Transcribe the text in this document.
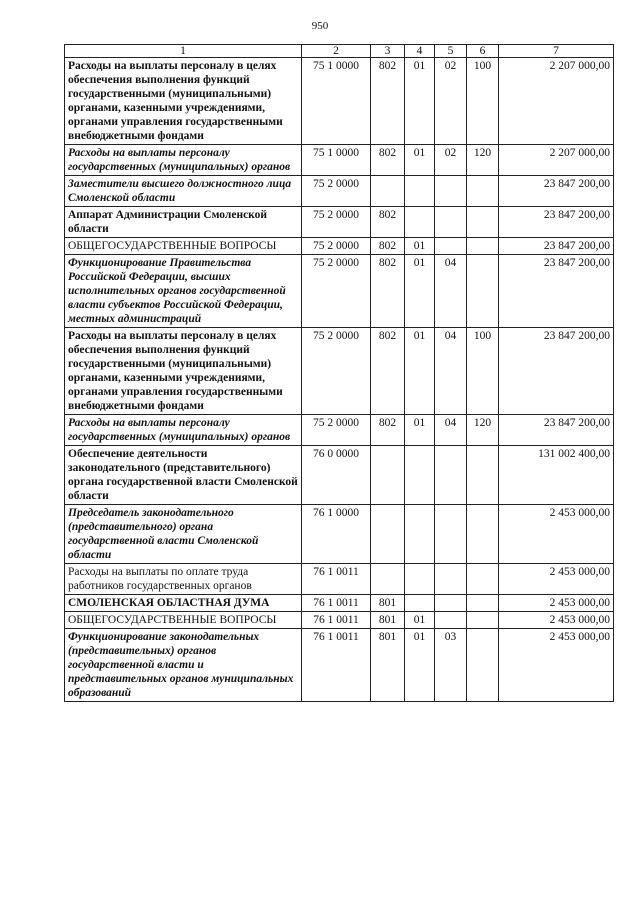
950
1	2	3	4	5	6	7
Расходы на выплаты персоналу в целях обеспечения выполнения функций государственными (муниципальными) органами, казенными учреждениями, органами управления государственными внебюджетными фондами	75 1 0000	802	01	02	100	2 207 000,00
Расходы на выплаты персоналу государственных (муниципальных) органов	75 1 0000	802	01	02	120	2 207 000,00
Заместители высшего должностного лица Смоленской области	75 2 0000					23 847 200,00
Аппарат Администрации Смоленской области	75 2 0000	802				23 847 200,00
ОБЩЕГОСУДАРСТВЕННЫЕ ВОПРОСЫ	75 2 0000	802	01			23 847 200,00
Функционирование Правительства Российской Федерации, высших исполнительных органов государственной власти субъектов Российской Федерации, местных администраций	75 2 0000	802	01	04		23 847 200,00
Расходы на выплаты персоналу в целях обеспечения выполнения функций государственными (муниципальными) органами, казенными учреждениями, органами управления государственными внебюджетными фондами	75 2 0000	802	01	04	100	23 847 200,00
Расходы на выплаты персоналу государственных (муниципальных) органов	75 2 0000	802	01	04	120	23 847 200,00
Обеспечение деятельности законодательного (представительного) органа государственной власти Смоленской области	76 0 0000					131 002 400,00
Председатель законодательного (представительного) органа государственной власти Смоленской области	76 1 0000					2 453 000,00
Расходы на выплаты по оплате труда работников государственных органов	76 1 0011					2 453 000,00
СМОЛЕНСКАЯ ОБЛАСТНАЯ ДУМА	76 1 0011	801				2 453 000,00
ОБЩЕГОСУДАРСТВЕННЫЕ ВОПРОСЫ	76 1 0011	801	01			2 453 000,00
Функционирование законодательных (представительных) органов государственной власти и представительных органов муниципальных образований	76 1 0011	801	01	03		2 453 000,00
